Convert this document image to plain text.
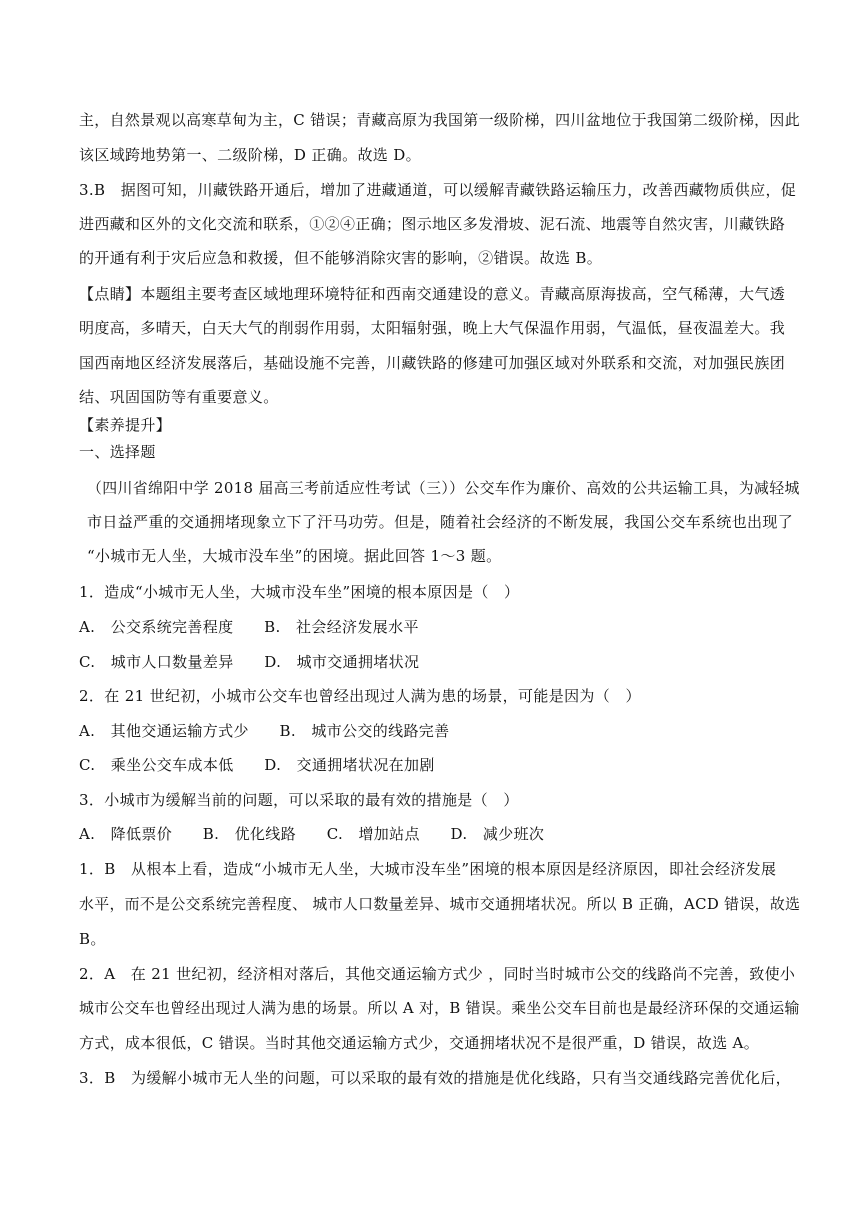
主，自然景观以高寒草甸为主，C 错误；青藏高原为我国第一级阶梯，四川盆地位于我国第二级阶梯，因此

该区域跨地势第一、二级阶梯，D 正确。故选 D。

3.B　据图可知，川藏铁路开通后，增加了进藏通道，可以缓解青藏铁路运输压力，改善西藏物质供应，促

进西藏和区外的文化交流和联系，①②④正确；图示地区多发滑坡、泥石流、地震等自然灾害，川藏铁路

的开通有利于灾后应急和救援，但不能够消除灾害的影响，②错误。故选 B。

【点睛】本题组主要考查区域地理环境特征和西南交通建设的意义。青藏高原海拔高，空气稀薄，大气透

明度高，多晴天，白天大气的削弱作用弱，太阳辐射强，晚上大气保温作用弱，气温低，昼夜温差大。我

国西南地区经济发展落后，基础设施不完善，川藏铁路的修建可加强区域对外联系和交流，对加强民族团

结、巩固国防等有重要意义。

【素养提升】

一、选择题

（四川省绵阳中学 2018 届高三考前适应性考试（三））公交车作为廉价、高效的公共运输工具，为减轻城

市日益严重的交通拥堵现象立下了汗马功劳。但是，随着社会经济的不断发展，我国公交车系统也出现了

“小城市无人坐，大城市没车坐”的困境。据此回答 1～3 题。

1．造成“小城市无人坐，大城市没车坐”困境的根本原因是（　）

A.　公交系统完善程度　　B.　社会经济发展水平

C.　城市人口数量差异　　D.　城市交通拥堵状况

2．在 21 世纪初，小城市公交车也曾经出现过人满为患的场景，可能是因为（　）

A.　其他交通运输方式少　　B.　城市公交的线路完善

C.　乘坐公交车成本低　　D.　交通拥堵状况在加剧

3．小城市为缓解当前的问题，可以采取的最有效的措施是（　）

A.　降低票价　　B.　优化线路　　C.　增加站点　　D.　减少班次

1．B　从根本上看，造成“小城市无人坐，大城市没车坐”困境的根本原因是经济原因，即社会经济发展

水平，而不是公交系统完善程度、 城市人口数量差异、城市交通拥堵状况。所以 B 正确，ACD 错误，故选

B。

2．A　在 21 世纪初，经济相对落后，其他交通运输方式少 ，同时当时城市公交的线路尚不完善，致使小

城市公交车也曾经出现过人满为患的场景。所以 A 对，B 错误。乘坐公交车目前也是最经济环保的交通运输

方式，成本很低，C 错误。当时其他交通运输方式少，交通拥堵状况不是很严重，D 错误，故选 A。

3．B　为缓解小城市无人坐的问题，可以采取的最有效的措施是优化线路，只有当交通线路完善优化后，
